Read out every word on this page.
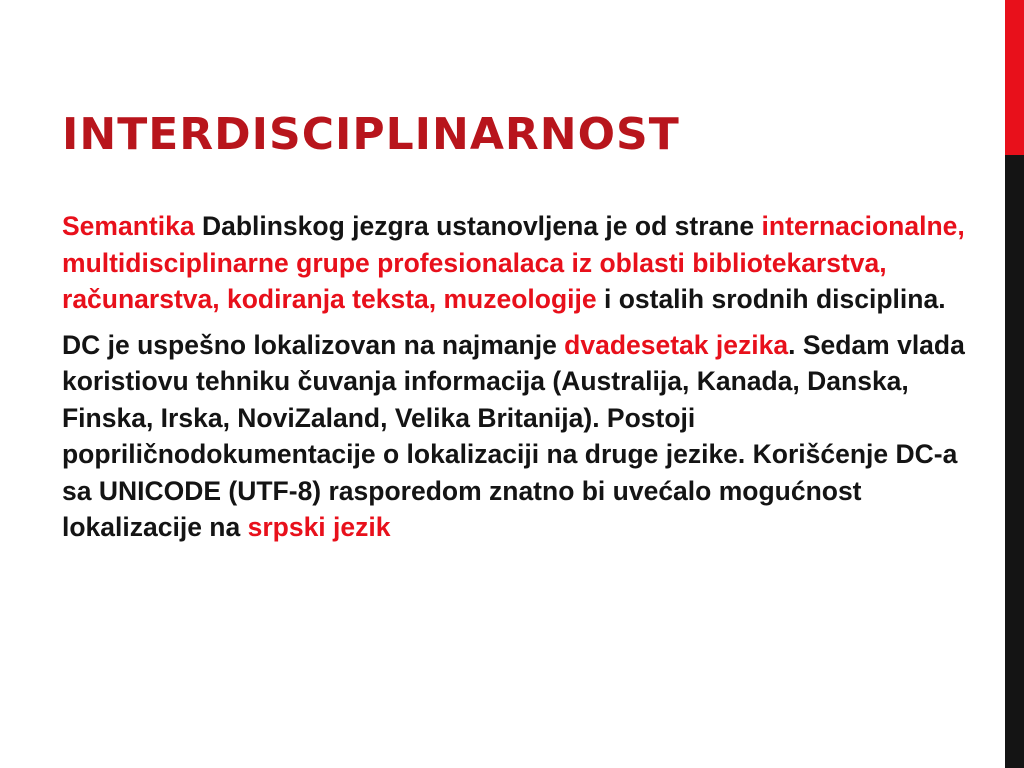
INTERDISCIPLINARNOST

Semantika Dablinskog jezgra ustanovljena je od strane internacionalne, multidisciplinarne grupe profesionalaca iz oblasti bibliotekarstva, računarstva, kodiranja teksta, muzeologije i ostalih srodnih disciplina.

DC je uspešno lokalizovan na najmanje dvadesetak jezika. Sedam vlada koristiovu tehniku čuvanja informacija (Australija, Kanada, Danska, Finska, Irska, NoviZaland, Velika Britanija). Postoji popriličnodokumentacije o lokalizaciji na druge jezike. Korišćenje DC-a sa UNICODE (UTF-8) rasporedom znatno bi uvećalo mogućnost lokalizacije na srpski jezik
